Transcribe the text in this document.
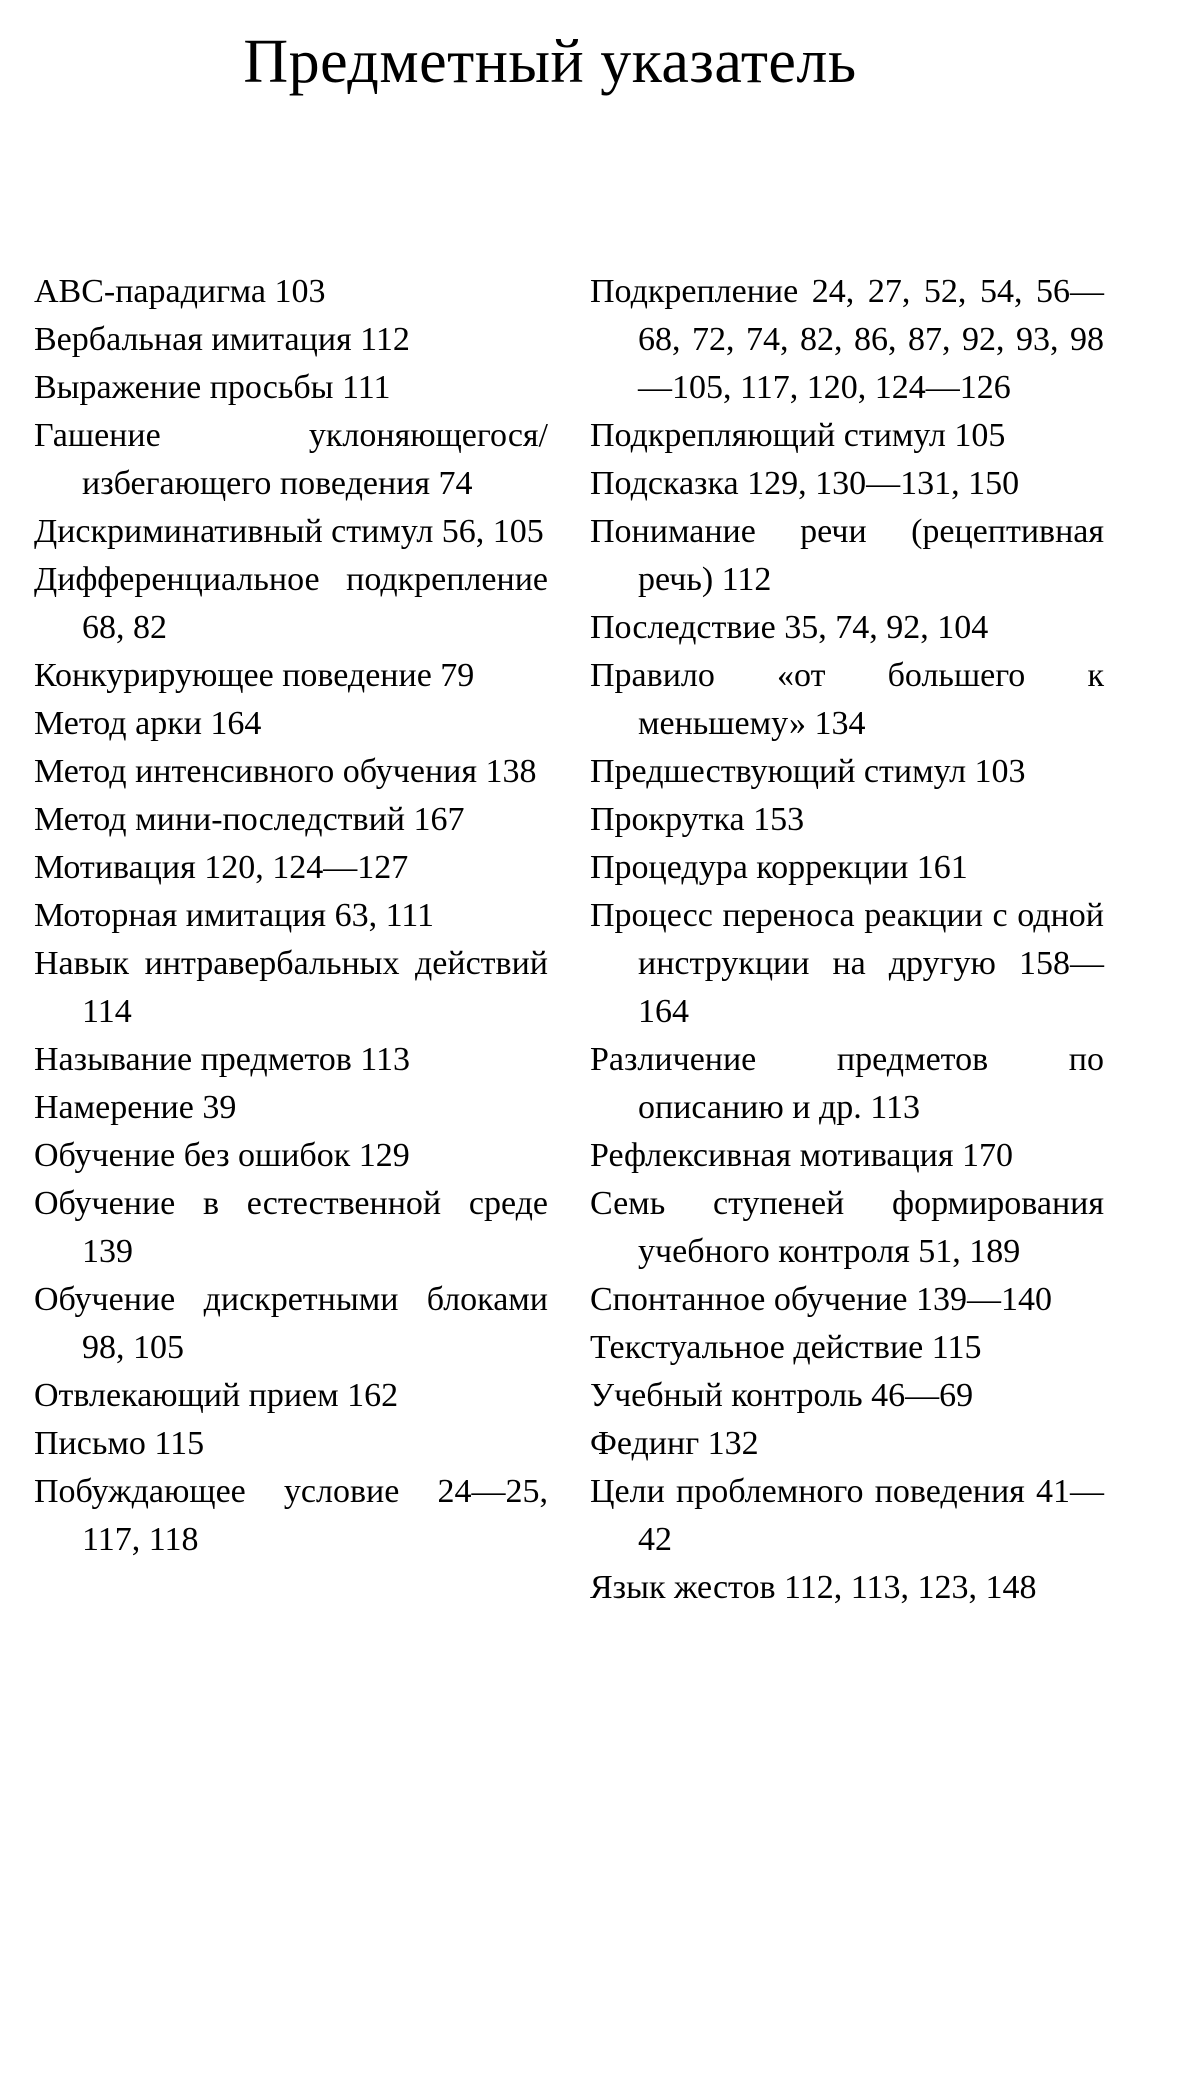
Предметный указатель
АВС-парадигма 103
Вербальная имитация 112
Выражение просьбы 111
Гашение уклоняющегося/избегающего поведения 74
Дискриминативный стимул 56, 105
Дифференциальное подкрепление 68, 82
Конкурирующее поведение 79
Метод арки 164
Метод интенсивного обучения 138
Метод мини-последствий 167
Мотивация 120, 124—127
Моторная имитация 63, 111
Навык интравербальных действий 114
Называние предметов 113
Намерение 39
Обучение без ошибок 129
Обучение в естественной среде 139
Обучение дискретными блоками 98, 105
Отвлекающий прием 162
Письмо 115
Побуждающее условие 24—25, 117, 118
Подкрепление 24, 27, 52, 54, 56—68, 72, 74, 82, 86, 87, 92, 93, 98—105, 117, 120, 124—126
Подкрепляющий стимул 105
Подсказка 129, 130—131, 150
Понимание речи (рецептивная речь) 112
Последствие 35, 74, 92, 104
Правило «от большего к меньшему» 134
Предшествующий стимул 103
Прокрутка 153
Процедура коррекции 161
Процесс переноса реакции с одной инструкции на другую 158—164
Различение предметов по описанию и др. 113
Рефлексивная мотивация 170
Семь ступеней формирования учебного контроля 51, 189
Спонтанное обучение 139—140
Текстуальное действие 115
Учебный контроль 46—69
Фединг 132
Цели проблемного поведения 41—42
Язык жестов 112, 113, 123, 148
